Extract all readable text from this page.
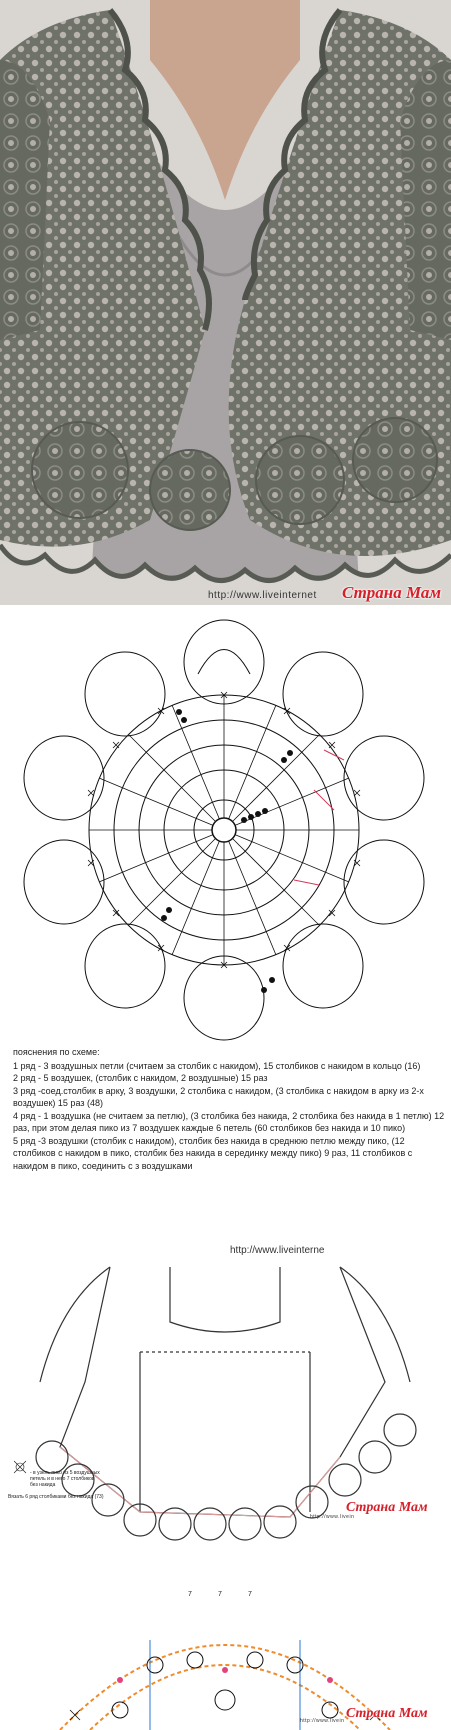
http://www.liveinternet Страна Мам

пояснения по схеме:

1 ряд - 3 воздушных петли (считаем за столбик с накидом), 15 столбиков с накидом в кольцо (16)

2 ряд - 5 воздушек, (столбик с накидом, 2 воздушные) 15 раз

3 ряд -соед.столбик в арку, 3 воздушки, 2 столбика с накидом, (3 столбика с накидом в арку из 2-х воздушек) 15 раз (48)

4 ряд - 1 воздушка (не считаем за петлю), (3 столбика без накида, 2 столбика без накида в 1 петлю) 12 раз, при этом делая пико из 7 воздушек каждые 6 петель (60 столбиков без накида и 10 пико)

5 ряд -3 воздушки (столбик с накидом), столбик без накида в среднюю петлю между пико, (12 столбиков с накидом в пико, столбик без накида в серединку между пико) 9 раз, 11 столбиков с накидом в пико, соединить с з воздушками

http://www.liveinterne
- в узель пико из 5 воздушных петель и в него 7 столбиков без накида
Вязать 6 ряд столбиками без накида (73)
http://www.livein
Страна Мам
7	7	7
http://www.livein Страна Мам
